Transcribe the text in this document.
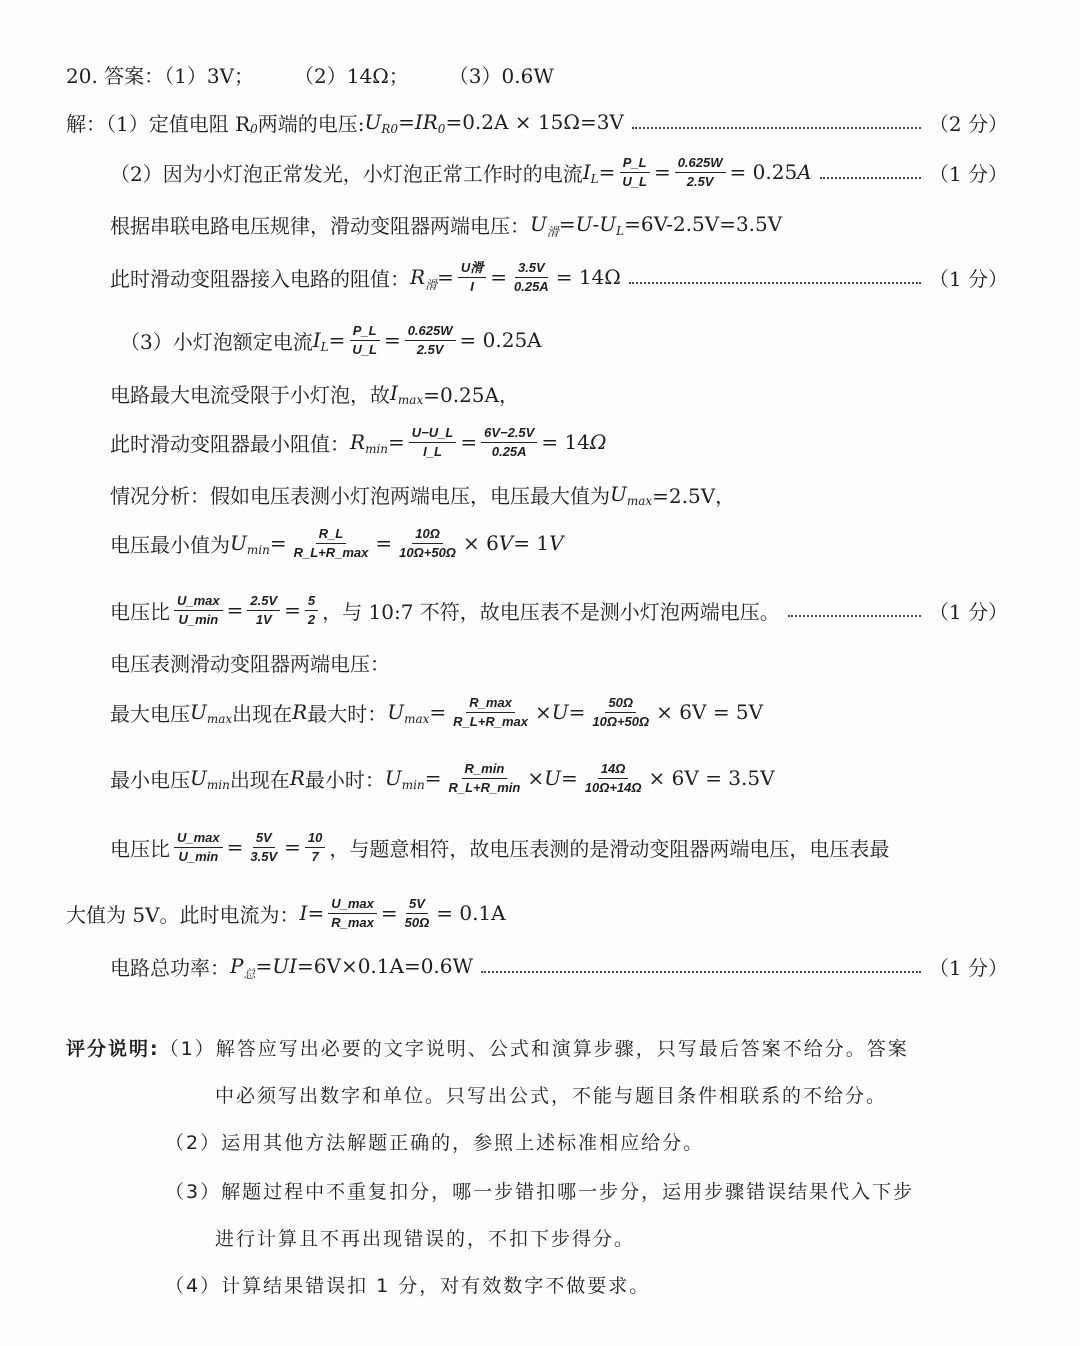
20. 答案：（1）3V；　　　（2）14Ω；　　　（3）0.6W
解：（1）定值电阻 R 0 两端的电压: U R0 = IR 0 =0.2A × 15Ω=3V	（2 分）
（2）因为小灯泡正常发光，小灯泡正常工作时的电流 I $L = \frac{P\_L}{U\_L} = \frac{0.625W}{2.5V} = 0.25$ A	（1 分）
根据串联电路电压规律，滑动变阻器两端电压： U 滑 = U - U L =6V-2.5V=3.5V
此时滑动变阻器接入电路的阻值： R 滑 = $\frac{\text{U滑}}{I} = \frac{3.5V}{0.25A} = 14\Omega$	（1 分）
（3）小灯泡额定电流 I $L = \frac{P\_L}{U\_L} = \frac{0.625W}{2.5V} = 0.25A$
电路最大电流受限于小灯泡，故 I max =0.25A，
此时滑动变阻器最小阻值： R $\min = \frac{U-U\_L}{I\_L} = \frac{6V-2.5V}{0.25A} = 14$ Ω
情况分析：假如电压表测小灯泡两端电压，电压最大值为 U max =2.5V，
电压最小值为 U $\min = \frac{R\_L}{R\_L+R\_\max} = \frac{10\Omega}{10\Omega+50\Omega} \times 6$ V = 1 V
电压比 $\frac{U\_\max}{U\_\min} = \frac{2.5V}{1V} = \frac{5}{2}$ ，与 10:7 不符，故电压表不是测小灯泡两端电压。	（1 分）
电压表测滑动变阻器两端电压：
最大电压 U max 出现在 R 最大时： U $\max = \frac{R\_\max}{R\_L+R\_\max} \times U = \frac{50\Omega}{10\Omega+50\Omega} \times 6V = 5V$
最小电压 U min 出现在 R 最小时： U $\min = \frac{R\_\min}{R\_L+R\_\min} \times U = \frac{14\Omega}{10\Omega+14\Omega} \times 6V = 3.5V$
电压比 $\frac{U\_\max}{U\_\min} = \frac{5V}{3.5V} = \frac{10}{7}$ ，与题意相符，故电压表测的是滑动变阻器两端电压，电压表最
大值为 5V。此时电流为： $I = \frac{U\_\max}{R\_\max} = \frac{5V}{50\Omega} = 0.1A$
电路总功率： P 总 = UI =6V×0.1A=0.6W	（1 分）
评分说明: （1）解答应写出必要的文字说明、公式和演算步骤，只写最后答案不给分。答案
中必须写出数字和单位。只写出公式，不能与题目条件相联系的不给分。
（2）运用其他方法解题正确的，参照上述标准相应给分。
（3）解题过程中不重复扣分，哪一步错扣哪一步分，运用步骤错误结果代入下步
进行计算且不再出现错误的，不扣下步得分。
（4）计算结果错误扣 1 分，对有效数字不做要求。
